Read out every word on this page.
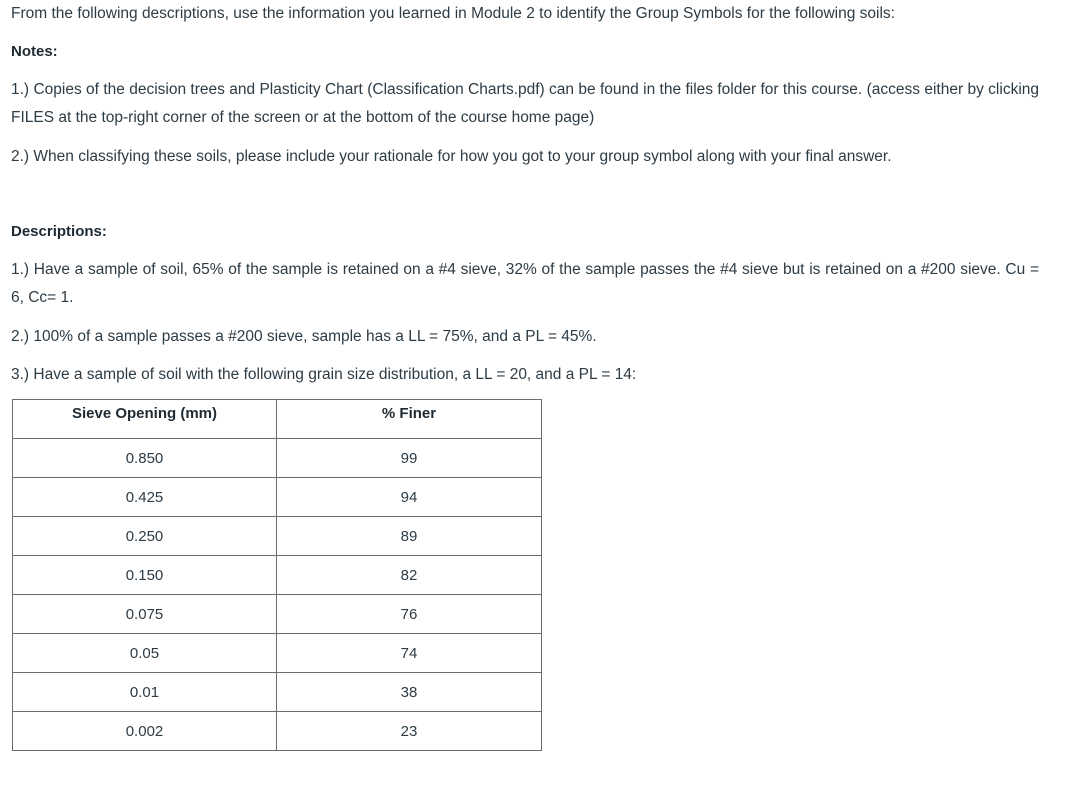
From the following descriptions, use the information you learned in Module 2 to identify the Group Symbols for the following soils:
Notes:
1.) Copies of the decision trees and Plasticity Chart (Classification Charts.pdf) can be found in the files folder for this course. (access either by clicking FILES at the top-right corner of the screen or at the bottom of the course home page)
2.) When classifying these soils, please include your rationale for how you got to your group symbol along with your final answer.
Descriptions:
1.) Have a sample of soil, 65% of the sample is retained on a #4 sieve, 32% of the sample passes the #4 sieve but is retained on a #200 sieve. Cu = 6, Cc= 1.
2.) 100% of a sample passes a #200 sieve, sample has a LL = 75%, and a PL = 45%.
3.) Have a sample of soil with the following grain size distribution, a LL = 20, and a PL = 14:
Sieve Opening (mm)	% Finer
0.850	99
0.425	94
0.250	89
0.150	82
0.075	76
0.05	74
0.01	38
0.002	23
